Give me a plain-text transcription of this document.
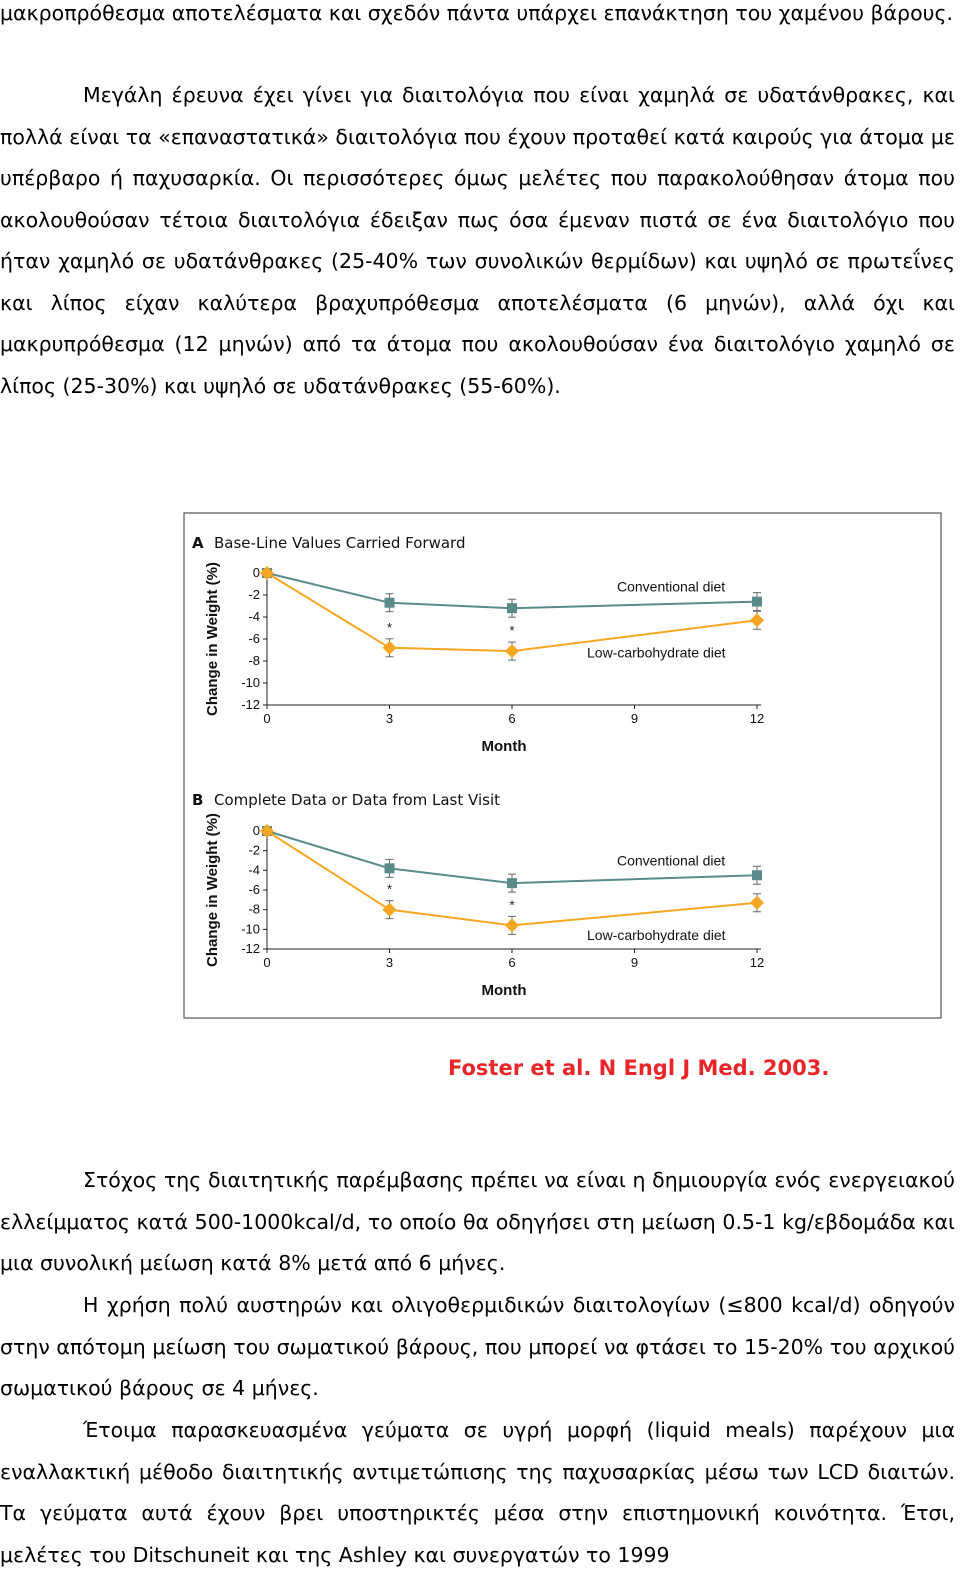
μακροπρόθεσμα αποτελέσματα και σχεδόν πάντα υπάρχει επανάκτηση του χαμένου βάρους.

Μεγάλη έρευνα έχει γίνει για διαιτολόγια που είναι χαμηλά σε υδατάνθρακες, και πολλά είναι τα «επαναστατικά» διαιτολόγια που έχουν προταθεί κατά καιρούς για άτομα με υπέρβαρο ή παχυσαρκία. Οι περισσότερες όμως μελέτες που παρακολούθησαν άτομα που ακολουθούσαν τέτοια διαιτολόγια έδειξαν πως όσα έμεναν πιστά σε ένα διαιτολόγιο που ήταν χαμηλό σε υδατάνθρακες (25-40% των συνολικών θερμίδων) και υψηλό σε πρωτεΐνες και λίπος είχαν καλύτερα βραχυπρόθεσμα αποτελέσματα (6 μηνών), αλλά όχι και μακρυπρόθεσμα (12 μηνών) από τα άτομα που ακολουθούσαν ένα διαιτολόγιο χαμηλό σε λίπος (25-30%) και υψηλό σε υδατάνθρακες (55-60%).

A Base-Line Values Carried Forward
0
-2
-4
-6
-8
-10
-12
0	3	6	9	12
Month
Change in Weight (%)	Conventional diet
Low-carbohydrate diet
*	*
B Complete Data or Data from Last Visit
0
-2
-4
-6
-8
-10
-12
0	3	6	9	12
Month
Change in Weight (%)	Conventional diet
Low-carbohydrate diet
*
*
Foster et al. N Engl J Med. 2003.

Στόχος της διαιτητικής παρέμβασης πρέπει να είναι η δημιουργία ενός ενεργειακού ελλείμματος κατά 500-1000kcal/d, το οποίο θα οδηγήσει στη μείωση 0.5-1 kg/εβδομάδα και μια συνολική μείωση κατά 8% μετά από 6 μήνες.

Η χρήση πολύ αυστηρών και ολιγοθερμιδικών διαιτολογίων (≤800 kcal/d) οδηγούν στην απότομη μείωση του σωματικού βάρους, που μπορεί να φτάσει το 15-20% του αρχικού σωματικού βάρους σε 4 μήνες.

Έτοιμα παρασκευασμένα γεύματα σε υγρή μορφή (liquid meals) παρέχουν μια εναλλακτική μέθοδο διαιτητικής αντιμετώπισης της παχυσαρκίας μέσω των LCD διαιτών. Τα γεύματα αυτά έχουν βρει υποστηρικτές μέσα στην επιστημονική κοινότητα. Έτσι, μελέτες του Ditschuneit και της Ashley και συνεργατών το 1999
